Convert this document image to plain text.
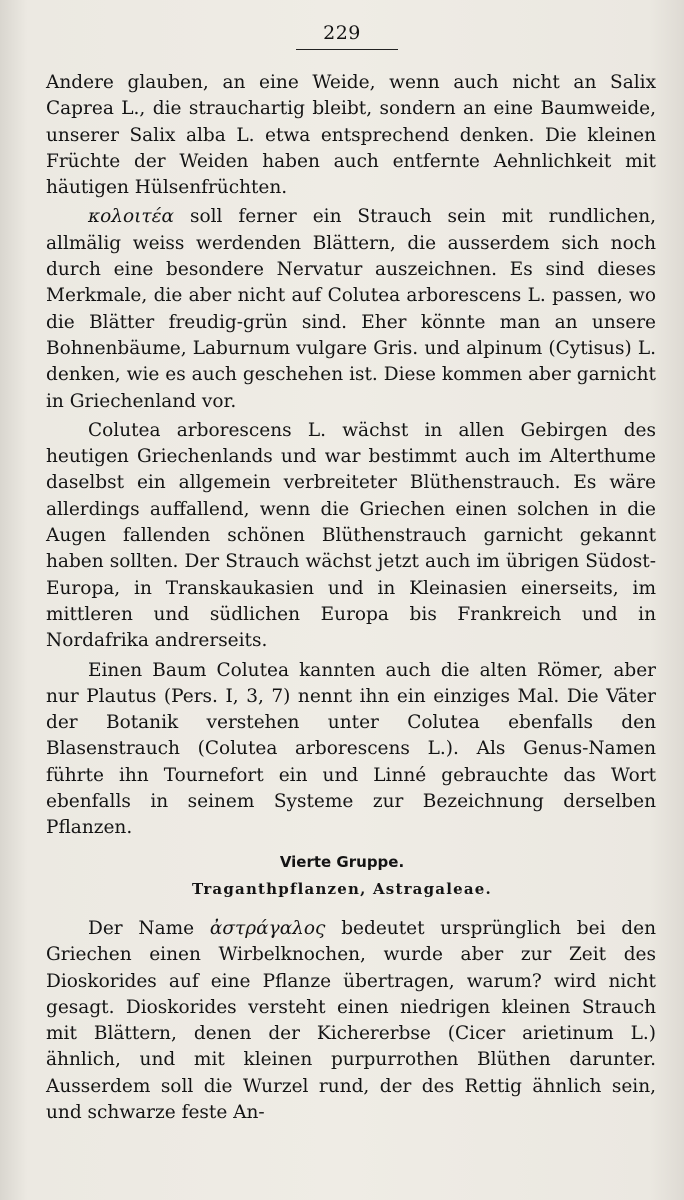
229

Andere glauben, an eine Weide, wenn auch nicht an Salix Caprea L., die strauchartig bleibt, sondern an eine Baumweide, unserer Salix alba L. etwa entsprechend denken. Die kleinen Früchte der Weiden haben auch entfernte Aehnlichkeit mit häutigen Hülsenfrüchten.

κολοιτέα soll ferner ein Strauch sein mit rundlichen, allmälig weiss werdenden Blättern, die ausserdem sich noch durch eine besondere Nervatur auszeichnen. Es sind dieses Merkmale, die aber nicht auf Colutea arborescens L. passen, wo die Blätter freudig-grün sind. Eher könnte man an unsere Bohnenbäume, Laburnum vulgare Gris. und alpinum (Cytisus) L. denken, wie es auch geschehen ist. Diese kommen aber garnicht in Griechenland vor.

Colutea arborescens L. wächst in allen Gebirgen des heutigen Griechenlands und war bestimmt auch im Alterthume daselbst ein allgemein verbreiteter Blüthenstrauch. Es wäre allerdings auffallend, wenn die Griechen einen solchen in die Augen fallenden schönen Blüthenstrauch garnicht gekannt haben sollten. Der Strauch wächst jetzt auch im übrigen Südost-Europa, in Transkaukasien und in Kleinasien einerseits, im mittleren und südlichen Europa bis Frankreich und in Nordafrika andrerseits.

Einen Baum Colutea kannten auch die alten Römer, aber nur Plautus (Pers. I, 3, 7) nennt ihn ein einziges Mal. Die Väter der Botanik verstehen unter Colutea ebenfalls den Blasenstrauch (Colutea arborescens L.). Als Genus-Namen führte ihn Tournefort ein und Linné gebrauchte das Wort ebenfalls in seinem Systeme zur Bezeichnung derselben Pflanzen.

Vierte Gruppe.
Traganthpflanzen, Astragaleae.

Der Name ἀστράγαλος bedeutet ursprünglich bei den Griechen einen Wirbelknochen, wurde aber zur Zeit des Dioskorides auf eine Pflanze übertragen, warum? wird nicht gesagt. Dioskorides versteht einen niedrigen kleinen Strauch mit Blättern, denen der Kichererbse (Cicer arietinum L.) ähnlich, und mit kleinen purpurrothen Blüthen darunter. Ausserdem soll die Wurzel rund, der des Rettig ähnlich sein, und schwarze feste An-
